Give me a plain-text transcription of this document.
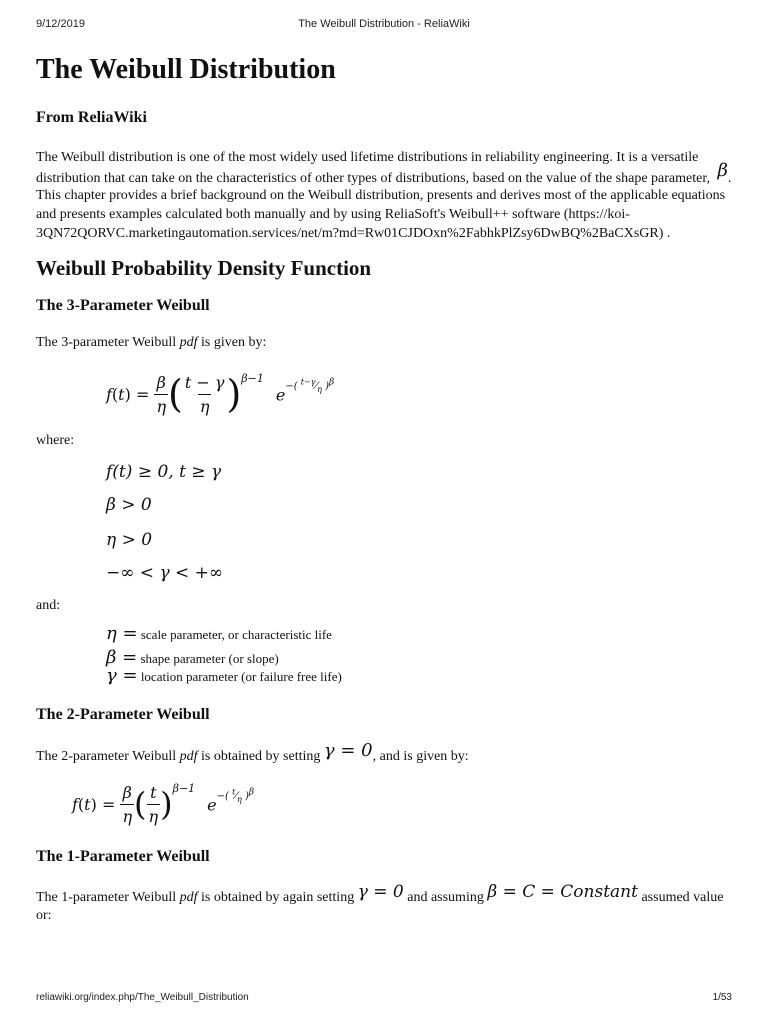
9/12/2019	The Weibull Distribution - ReliaWiki
The Weibull Distribution
From ReliaWiki
The Weibull distribution is one of the most widely used lifetime distributions in reliability engineering. It is a versatile
distribution that can take on the characteristics of other types of distributions, based on the value of the shape parameter, β.
This chapter provides a brief background on the Weibull distribution, presents and derives most of the applicable equations
and presents examples calculated both manually and by using ReliaSoft's Weibull++ software (https://koi-
3QN72QORVC.marketingautomation.services/net/m?md=Rw01CJDOxn%2FabhkPlZsy6DwBQ%2BaCXsGR) .
Weibull Probability Density Function
The 3-Parameter Weibull
The 3-parameter Weibull pdf is given by:
f ( t ) = $\frac{\beta}{\eta}$ ( $\frac{t - \gamma}{\eta} )^{\beta-1}$
$e^{-( ^{t-\gamma}⁄_\eta )^\beta}$
where:
f(t) ≥ 0, t ≥ γ
β > 0
η > 0
−∞ < γ < +∞
and:
η = scale parameter, or characteristic life
β = shape parameter (or slope)
γ = location parameter (or failure free life)
The 2-Parameter Weibull
The 2-parameter Weibull pdf is obtained by setting γ = 0, and is given by:
f ( t ) = $\frac{\beta}{\eta}$ ( $\frac{t}{\eta} )^{\beta-1}$
$e^{-( ^t⁄_\eta )^\beta}$
The 1-Parameter Weibull
The 1-parameter Weibull pdf is obtained by again setting γ = 0 and assuming β = C = Constant assumed value
or:
reliawiki.org/index.php/The_Weibull_Distribution	1/53
